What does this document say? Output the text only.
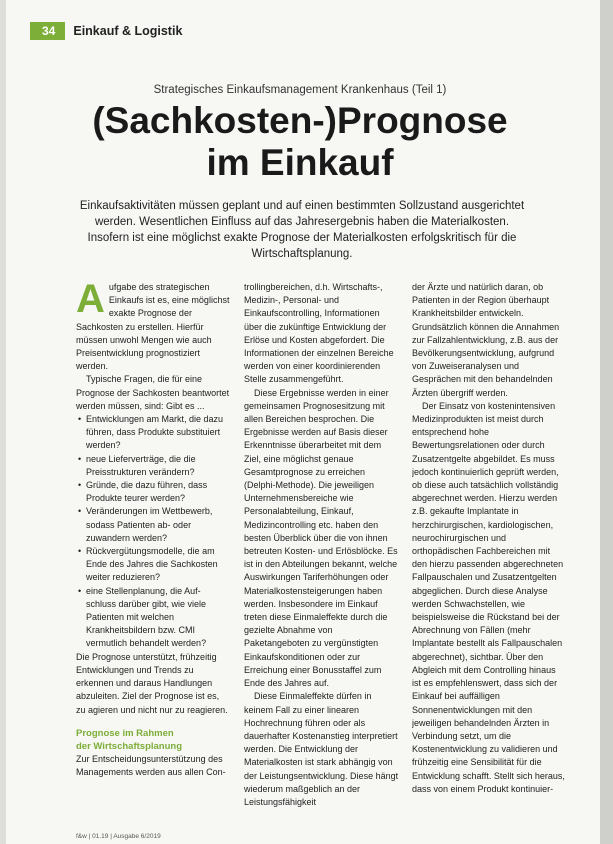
34	Einkauf & Logistik
Strategisches Einkaufsmanagement Krankenhaus (Teil 1)
(Sachkosten-)Prognose
im Einkauf
Einkaufsaktivitäten müssen geplant und auf einen bestimmten Sollzustand ausgerichtet werden. Wesentlichen Einfluss auf das Jahresergebnis haben die Materialkosten. Insofern ist eine möglichst exakte Prognose der Materialkosten erfolgskritisch für die Wirtschaftsplanung.

Aufgabe des strategischen Einkaufs ist es, eine möglichst exakte Prognose der Sachkosten zu erstellen. Hierfür müssen unwohl Mengen wie auch Preisentwicklung prognostiziert werden.

Typische Fragen, die für eine Prognose der Sachkosten beantwortet werden müssen, sind: Gibt es ...

• Entwicklungen am Markt, die dazu führen, dass Produkte substituiert werden?
• neue Lieferverträge, die die Preisstrukturen verändern?
• Gründe, die dazu führen, dass Produkte teurer werden?
• Veränderungen im Wettbewerb, sodass Patienten ab- oder zuwandern werden?
• Rückvergütungsmodelle, die am Ende des Jahres die Sachkosten weiter reduzieren?
• eine Stellenplanung, die Auf- schluss darüber gibt, wie viele Patienten mit welchen Krankheitsbildern bzw. CMI vermutlich behandelt werden?

Die Prognose unterstützt, frühzeitig Entwicklungen und Trends zu erkennen und daraus Handlungen abzuleiten. Ziel der Prognose ist es, zu agieren und nicht nur zu reagieren.

Prognose im Rahmen
der Wirtschaftsplanung

Zur Entscheidungsunterstützung des Managements werden aus allen Con-

trollingbereichen, d.h. Wirtschafts-, Medizin-, Personal- und Einkaufscontrolling, Informationen über die zukünftige Entwicklung der Erlöse und Kosten abgefordert. Die Informationen der einzelnen Bereiche werden von einer koordinierenden Stelle zusammengeführt.

Diese Ergebnisse werden in einer gemeinsamen Prognosesitzung mit allen Bereichen besprochen. Die Ergebnisse werden auf Basis dieser Erkenntnisse überarbeitet mit dem Ziel, eine möglichst genaue Gesamtprognose zu erreichen (Delphi-Methode). Die jeweiligen Unternehmensbereiche wie Personalabteilung, Einkauf, Medizincontrolling etc. haben den besten Überblick über die von ihnen betreuten Kosten- und Erlösblöcke. Es ist in den Abteilungen bekannt, welche Auswirkungen Tariferhöhungen oder Materialkostensteigerungen haben werden. Insbesondere im Einkauf treten diese Einmaleffekte durch die gezielte Abnahme von Paketangeboten zu vergünstigten Einkaufskonditionen oder zur Erreichung einer Bonusstaffel zum Ende des Jahres auf.

Diese Einmaleffekte dürfen in keinem Fall zu einer linearen Hochrechnung führen oder als dauerhafter Kostenanstieg interpretiert werden. Die Entwicklung der Materialkosten ist stark abhängig von der Leistungsentwicklung. Diese hängt wiederum maßgeblich an der Leistungsfähigkeit

der Ärzte und natürlich daran, ob Patienten in der Region überhaupt Krankheitsbilder entwickeln. Grundsätzlich können die Annahmen zur Fallzahlentwicklung, z.B. aus der Bevölkerungsentwicklung, aufgrund von Zuweiseranalysen und Gesprächen mit den behandelnden Ärzten übergriff werden.

Der Einsatz von kostenintensiven Medizinprodukten ist meist durch entsprechend hohe Bewertungsrelationen oder durch Zusatzentgelte abgebildet. Es muss jedoch kontinuierlich geprüft werden, ob diese auch tatsächlich vollständig abgerechnet werden. Hierzu werden z.B. gekaufte Implantate in herzchirurgischen, kardiologischen, neurochirurgischen und orthopädischen Fachbereichen mit den hierzu passenden abgerechneten Fallpauschalen und Zusatzentgelten abgeglichen. Durch diese Analyse werden Schwachstellen, wie beispielsweise die Rückstand bei der Abrechnung von Fällen (mehr Implantate bestellt als Fallpauschalen abgerechnet), sichtbar. Über den Abgleich mit dem Controlling hinaus ist es empfehlenswert, dass sich der Einkauf bei auffälligen Sonnenentwicklungen mit den jeweiligen behandelnden Ärzten in Verbindung setzt, um die Kostenentwicklung zu validieren und frühzeitig eine Sensibilität für die Entwicklung schafft. Stellt sich heraus, dass von einem Produkt kontinuier-

f&w | 01.19 | Ausgabe 6/2019
